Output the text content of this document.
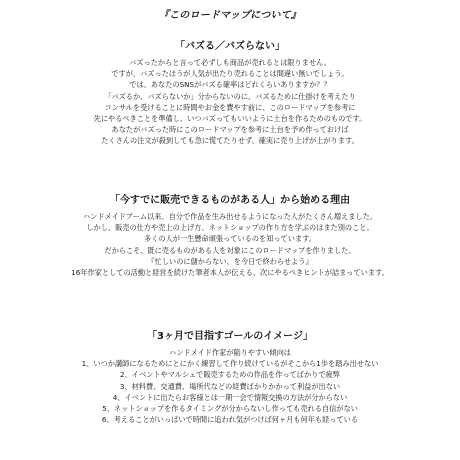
『このロードマップについて』
「バズる／バズらない」
バズったからと言って必ずしも商品が売れるとは限りません。
ですが、バズったほうが人気が出たり売れることは間違い無いでしょう。
では、あなたのSNSがバズる確率はどれくらいありますか？？
「バズるか、バズらないか」分からないのに、バズるために仕掛けを考えたり
コンサルを受けることに時間やお金を費やす前に、このロードマップを参考に
先にやるべきことを準備し、いつバズってもいいように土台を作るためのものです。
あなたがバズった時にこのロードマップを参考に土台を予め作っておけば
たくさんの注文が殺到しても急に慌てたりせず、確実に売り上げが上がります。
「今すでに販売できるものがある人」から始める理由
ハンドメイドブーム以来、自分で作品を生み出せるようになった人がたくさん増えました。
しかし、販売の仕方や売上の上げ方、ネットショップの作り方を学ぶのはまた別のこと。
多くの人が一生懸命頑張っているのを知っています。
だからこそ、既に売るものがある人を対象にこのロードマップを作りました。
『忙しいのに儲からない、を今日で終わらせよう』
16年作家としての活動と経営を続けた筆者本人が伝える、次にやるべきヒントが詰まっています。
「3ヶ月で目指すゴールのイメージ」
ハンドメイド作家が陥りやすい傾向は
1、いつか講師になるためにとにかく練習して作り続けているがそこから1歩を踏み出せない
2、イベントやマルシェで販売するための作品を作ってばかりで疲弊
3、材料費、交通費、場所代などの経費ばかりかかって利益が出ない
4、イベントに出たらお客様とは一期一会で情報交換の方法が分からない
5、ネットショップを作るタイミングが分からないし作っても売れる自信がない
6、考えることがいっぱいで時間に追われ気がつけば何ヶ月も何年も経っている
